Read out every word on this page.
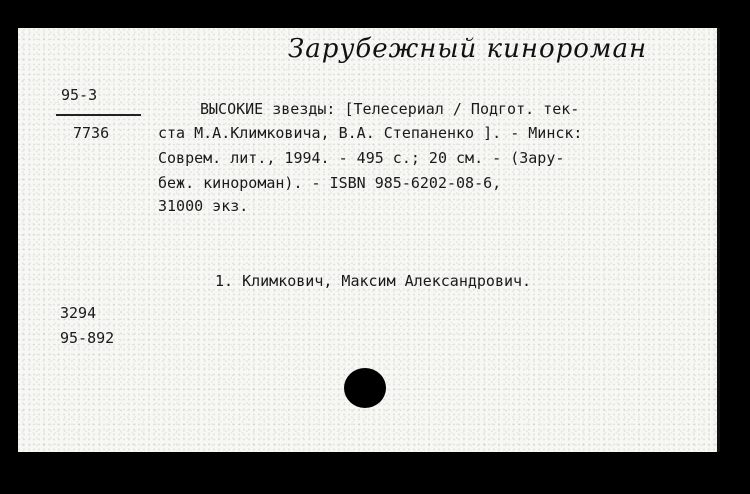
Зарубежный кинороман
95-3
7736
ВЫСОКИЕ звезды: [Телесериал / Подгот. тек-
ста М.А.Климковича, В.А. Степаненко ]. - Минск:
Соврем. лит., 1994. - 495 с.; 20 см. - (Зару-
беж. кинороман). - ISBN 985-6202-08-6,
31000 экз.
1. Климкович, Максим Александрович.
3294
95-892
